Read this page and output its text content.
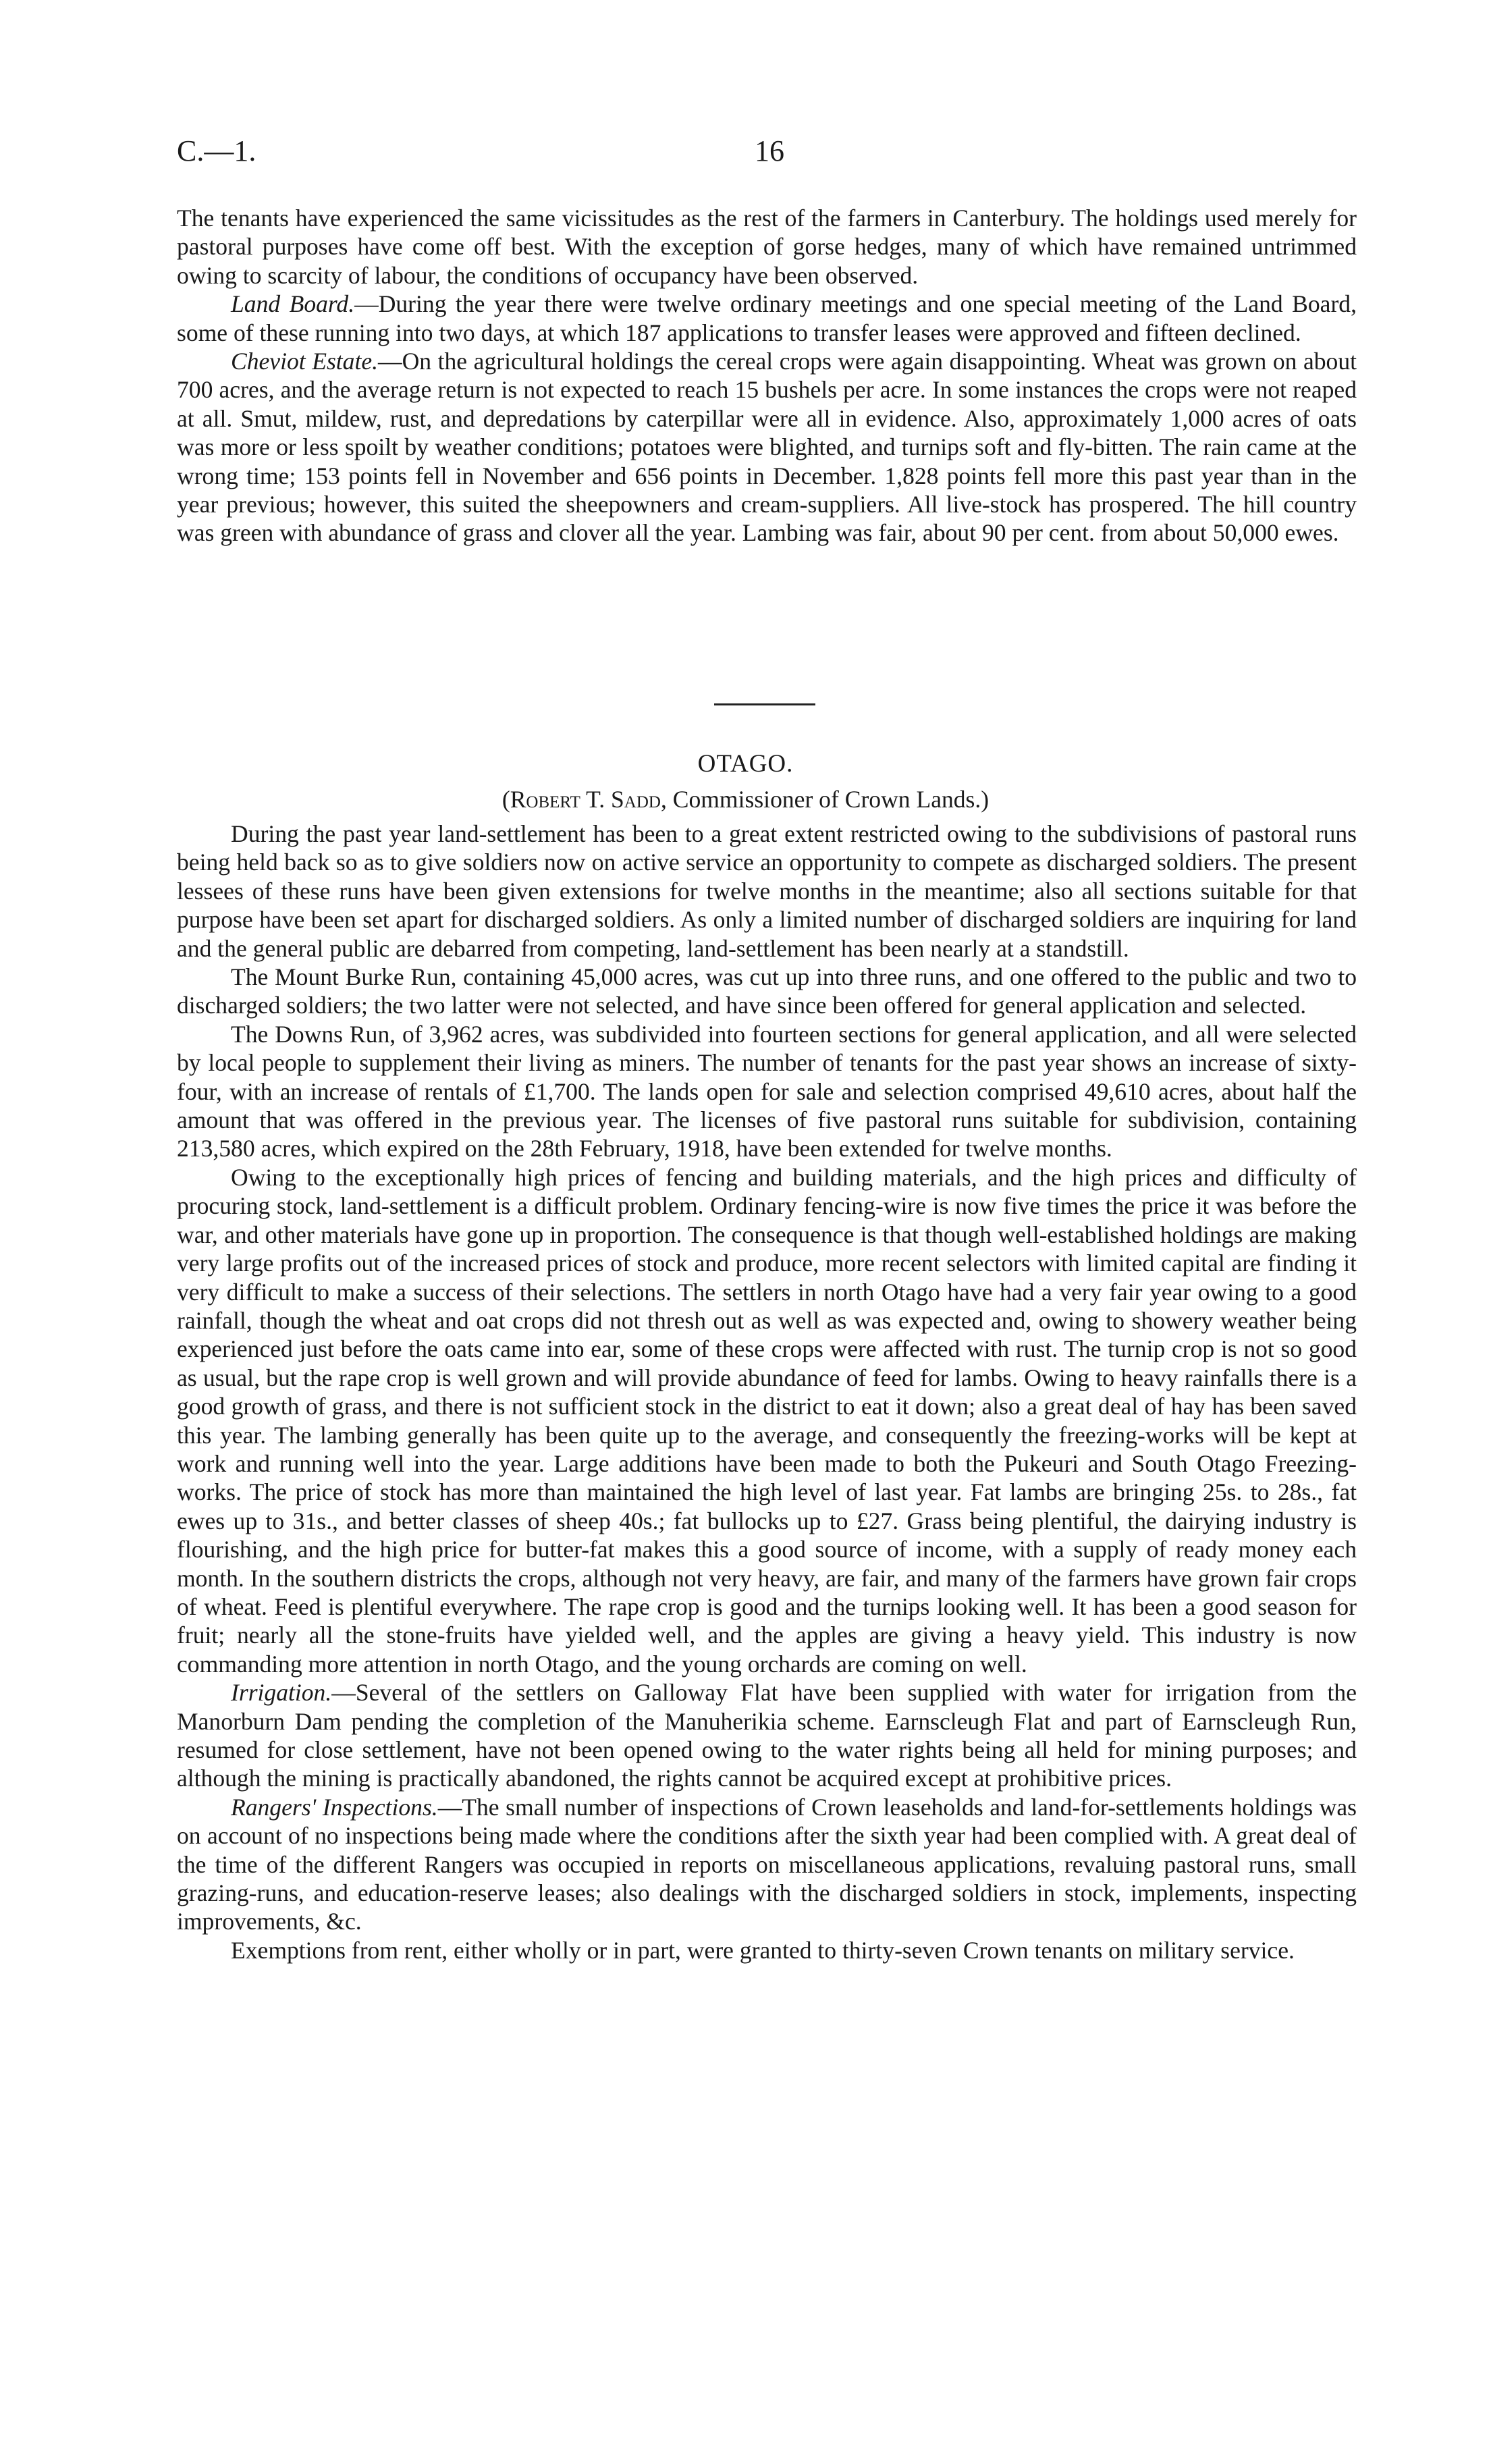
C.—1.	16

The tenants have experienced the same vicissitudes as the rest of the farmers in Canterbury. The holdings used merely for pastoral purposes have come off best. With the exception of gorse hedges, many of which have remained untrimmed owing to scarcity of labour, the conditions of occupancy have been observed.

Land Board.—During the year there were twelve ordinary meetings and one special meeting of the Land Board, some of these running into two days, at which 187 applications to transfer leases were approved and fifteen declined.

Cheviot Estate.—On the agricultural holdings the cereal crops were again disappointing. Wheat was grown on about 700 acres, and the average return is not expected to reach 15 bushels per acre. In some instances the crops were not reaped at all. Smut, mildew, rust, and depredations by caterpillar were all in evidence. Also, approximately 1,000 acres of oats was more or less spoilt by weather conditions; potatoes were blighted, and turnips soft and fly-bitten. The rain came at the wrong time; 153 points fell in November and 656 points in December. 1,828 points fell more this past year than in the year previous; however, this suited the sheepowners and cream-suppliers. All live-stock has prospered. The hill country was green with abundance of grass and clover all the year. Lambing was fair, about 90 per cent. from about 50,000 ewes.

OTAGO.
(Robert T. Sadd, Commissioner of Crown Lands.)

During the past year land-settlement has been to a great extent restricted owing to the subdivisions of pastoral runs being held back so as to give soldiers now on active service an opportunity to compete as discharged soldiers. The present lessees of these runs have been given extensions for twelve months in the meantime; also all sections suitable for that purpose have been set apart for discharged soldiers. As only a limited number of discharged soldiers are inquiring for land and the general public are debarred from competing, land-settlement has been nearly at a standstill.

The Mount Burke Run, containing 45,000 acres, was cut up into three runs, and one offered to the public and two to discharged soldiers; the two latter were not selected, and have since been offered for general application and selected.

The Downs Run, of 3,962 acres, was subdivided into fourteen sections for general application, and all were selected by local people to supplement their living as miners. The number of tenants for the past year shows an increase of sixty-four, with an increase of rentals of £1,700. The lands open for sale and selection comprised 49,610 acres, about half the amount that was offered in the previous year. The licenses of five pastoral runs suitable for subdivision, containing 213,580 acres, which expired on the 28th February, 1918, have been extended for twelve months.

Owing to the exceptionally high prices of fencing and building materials, and the high prices and difficulty of procuring stock, land-settlement is a difficult problem. Ordinary fencing-wire is now five times the price it was before the war, and other materials have gone up in proportion. The consequence is that though well-established holdings are making very large profits out of the increased prices of stock and produce, more recent selectors with limited capital are finding it very difficult to make a success of their selections. The settlers in north Otago have had a very fair year owing to a good rainfall, though the wheat and oat crops did not thresh out as well as was expected and, owing to showery weather being experienced just before the oats came into ear, some of these crops were affected with rust. The turnip crop is not so good as usual, but the rape crop is well grown and will provide abundance of feed for lambs. Owing to heavy rainfalls there is a good growth of grass, and there is not sufficient stock in the district to eat it down; also a great deal of hay has been saved this year. The lambing generally has been quite up to the average, and consequently the freezing-works will be kept at work and running well into the year. Large additions have been made to both the Pukeuri and South Otago Freezing-works. The price of stock has more than maintained the high level of last year. Fat lambs are bringing 25s. to 28s., fat ewes up to 31s., and better classes of sheep 40s.; fat bullocks up to £27. Grass being plentiful, the dairying industry is flourishing, and the high price for butter-fat makes this a good source of income, with a supply of ready money each month. In the southern districts the crops, although not very heavy, are fair, and many of the farmers have grown fair crops of wheat. Feed is plentiful everywhere. The rape crop is good and the turnips looking well. It has been a good season for fruit; nearly all the stone-fruits have yielded well, and the apples are giving a heavy yield. This industry is now commanding more attention in north Otago, and the young orchards are coming on well.

Irrigation.—Several of the settlers on Galloway Flat have been supplied with water for irrigation from the Manorburn Dam pending the completion of the Manuherikia scheme. Earnscleugh Flat and part of Earnscleugh Run, resumed for close settlement, have not been opened owing to the water rights being all held for mining purposes; and although the mining is practically abandoned, the rights cannot be acquired except at prohibitive prices.

Rangers' Inspections.—The small number of inspections of Crown leaseholds and land-for-settlements holdings was on account of no inspections being made where the conditions after the sixth year had been complied with. A great deal of the time of the different Rangers was occupied in reports on miscellaneous applications, revaluing pastoral runs, small grazing-runs, and education-reserve leases; also dealings with the discharged soldiers in stock, implements, inspecting improvements, &c.

Exemptions from rent, either wholly or in part, were granted to thirty-seven Crown tenants on military service.
